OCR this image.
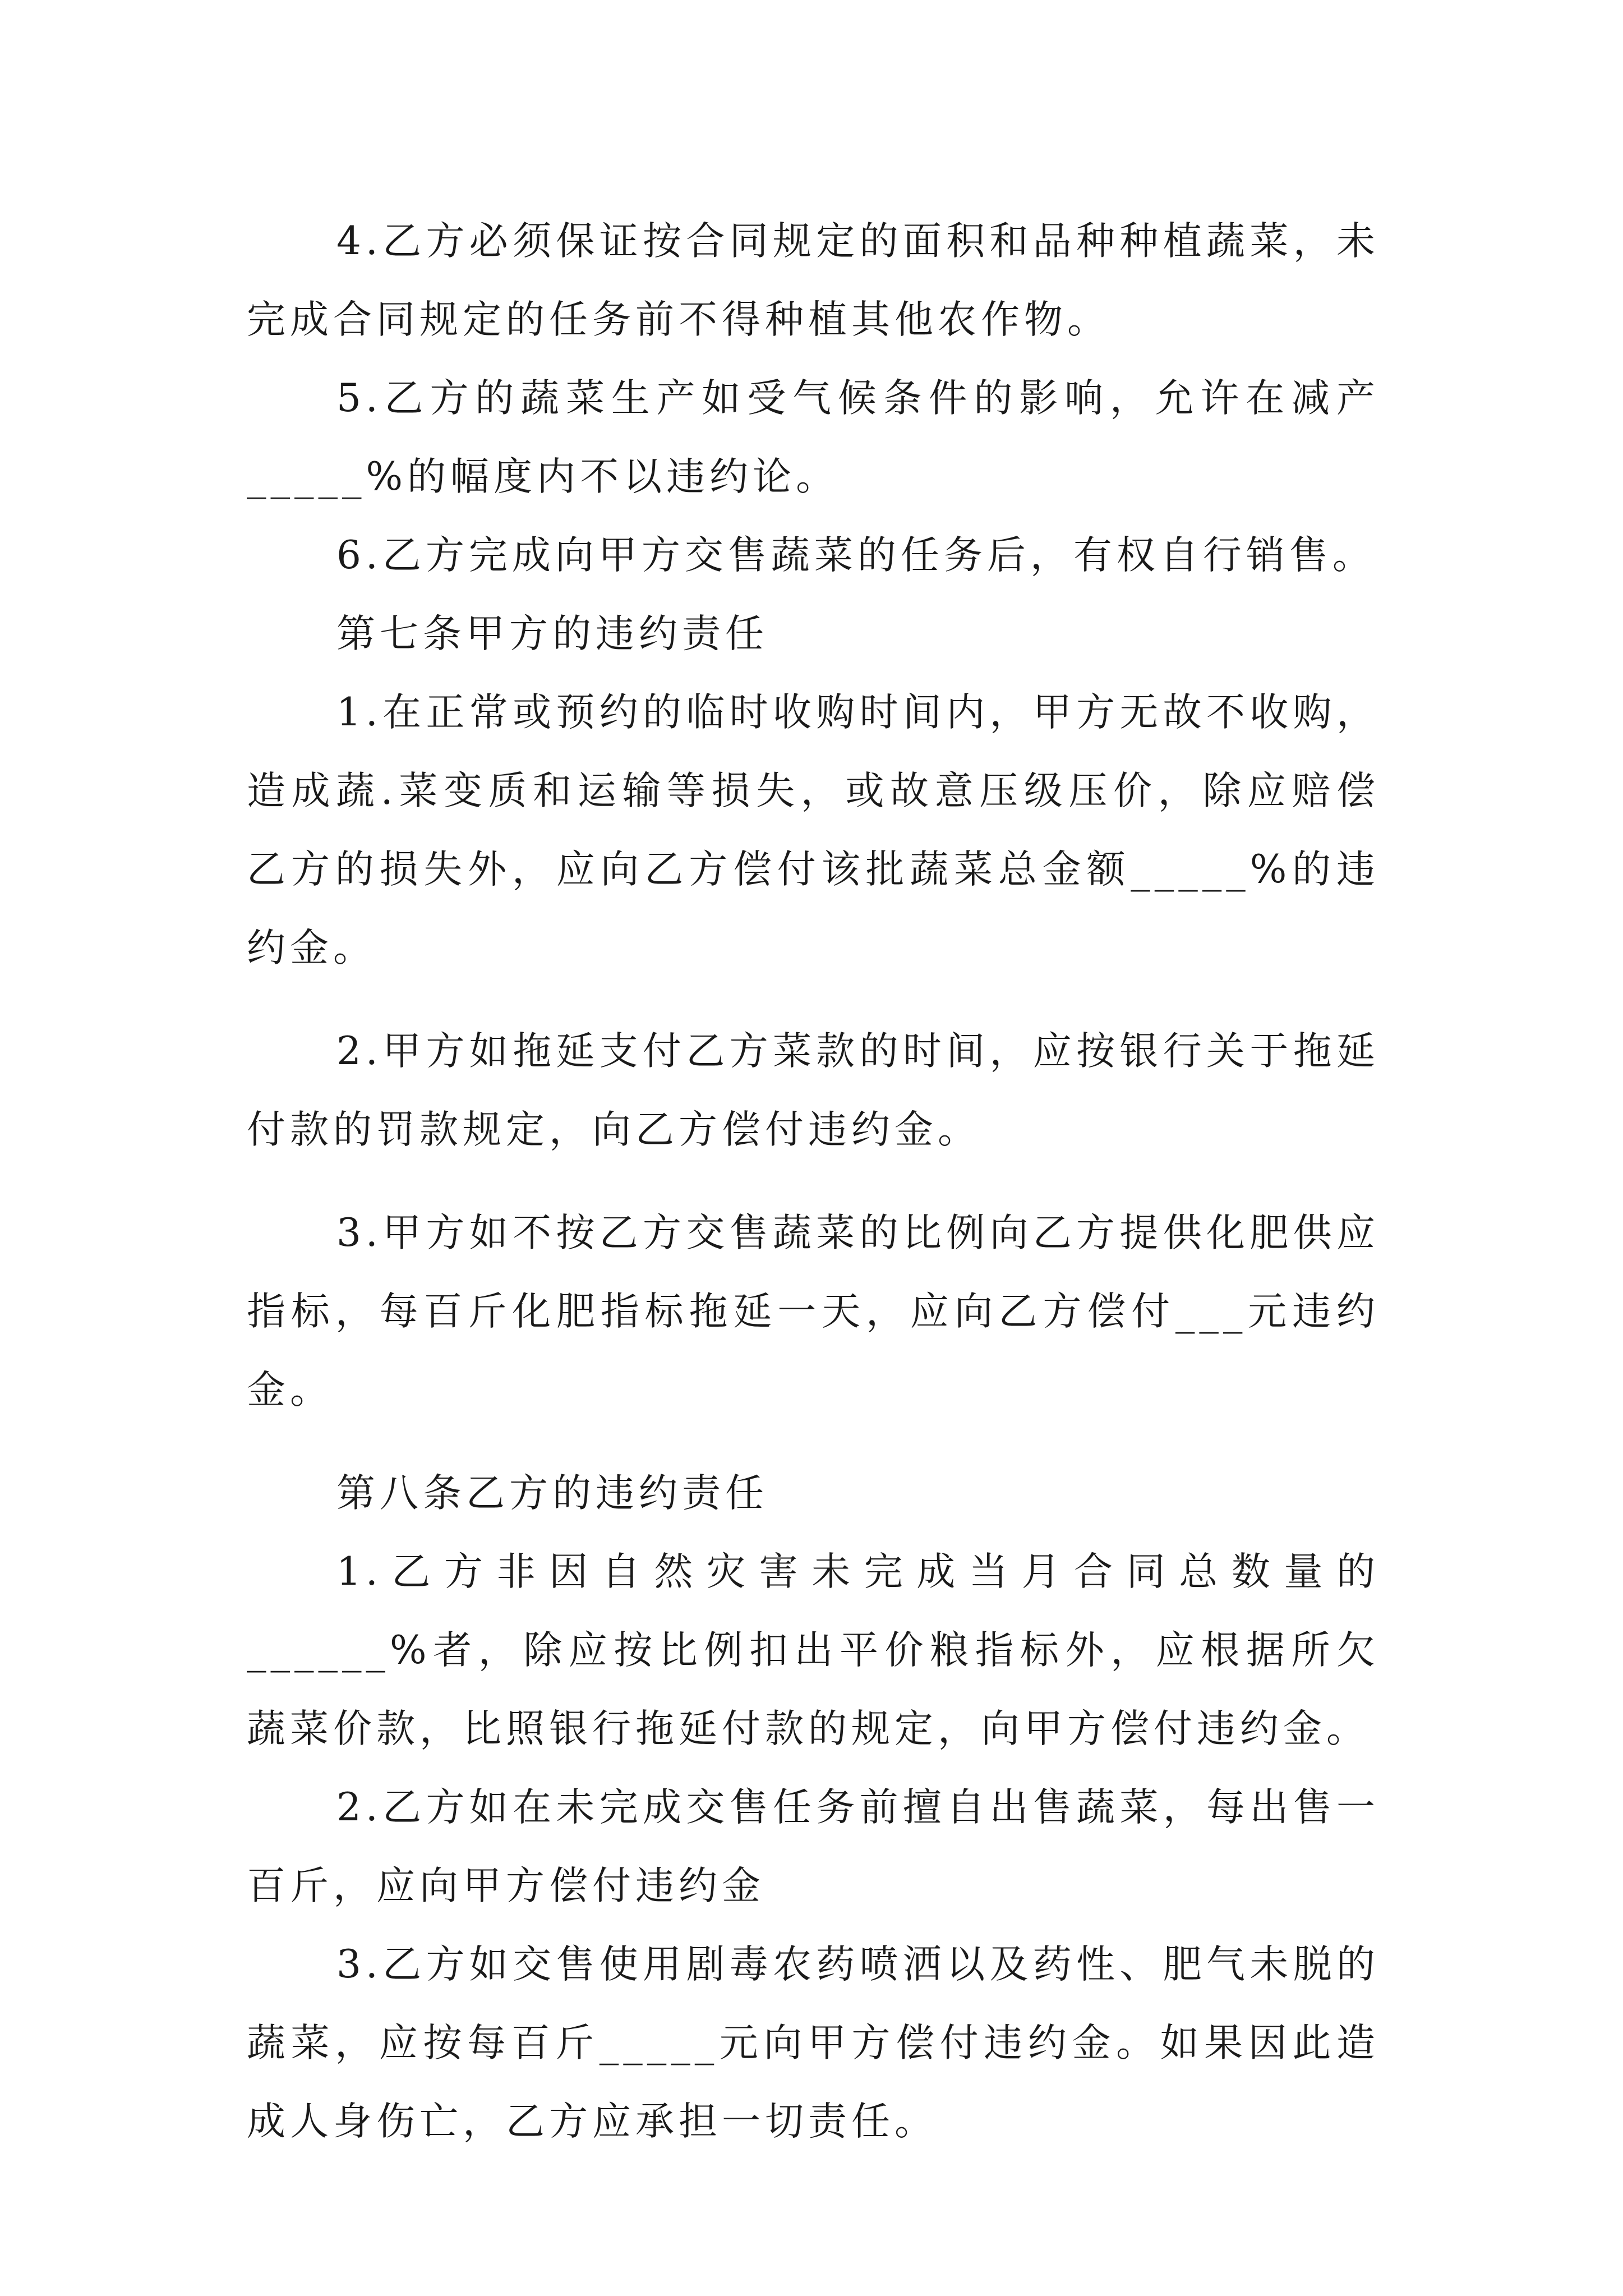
4.乙方必须保证按合同规定的面积和品种种植蔬菜，未完成合同规定的任务前不得种植其他农作物。

5.乙方的蔬菜生产如受气候条件的影响，允许在减产_____%的幅度内不以违约论。

6.乙方完成向甲方交售蔬菜的任务后，有权自行销售。

第七条甲方的违约责任

1.在正常或预约的临时收购时间内，甲方无故不收购，造成蔬.菜变质和运输等损失，或故意压级压价，除应赔偿乙方的损失外，应向乙方偿付该批蔬菜总金额_____%的违约金。

2.甲方如拖延支付乙方菜款的时间，应按银行关于拖延付款的罚款规定，向乙方偿付违约金。

3.甲方如不按乙方交售蔬菜的比例向乙方提供化肥供应指标，每百斤化肥指标拖延一天，应向乙方偿付___元违约金。

第八条乙方的违约责任

1.乙方非因自然灾害未完成当月合同总数量的______%者，除应按比例扣出平价粮指标外，应根据所欠蔬菜价款，比照银行拖延付款的规定，向甲方偿付违约金。

2.乙方如在未完成交售任务前擅自出售蔬菜，每出售一百斤，应向甲方偿付违约金

3.乙方如交售使用剧毒农药喷洒以及药性、肥气未脱的蔬菜，应按每百斤_____元向甲方偿付违约金。如果因此造成人身伤亡，乙方应承担一切责任。
